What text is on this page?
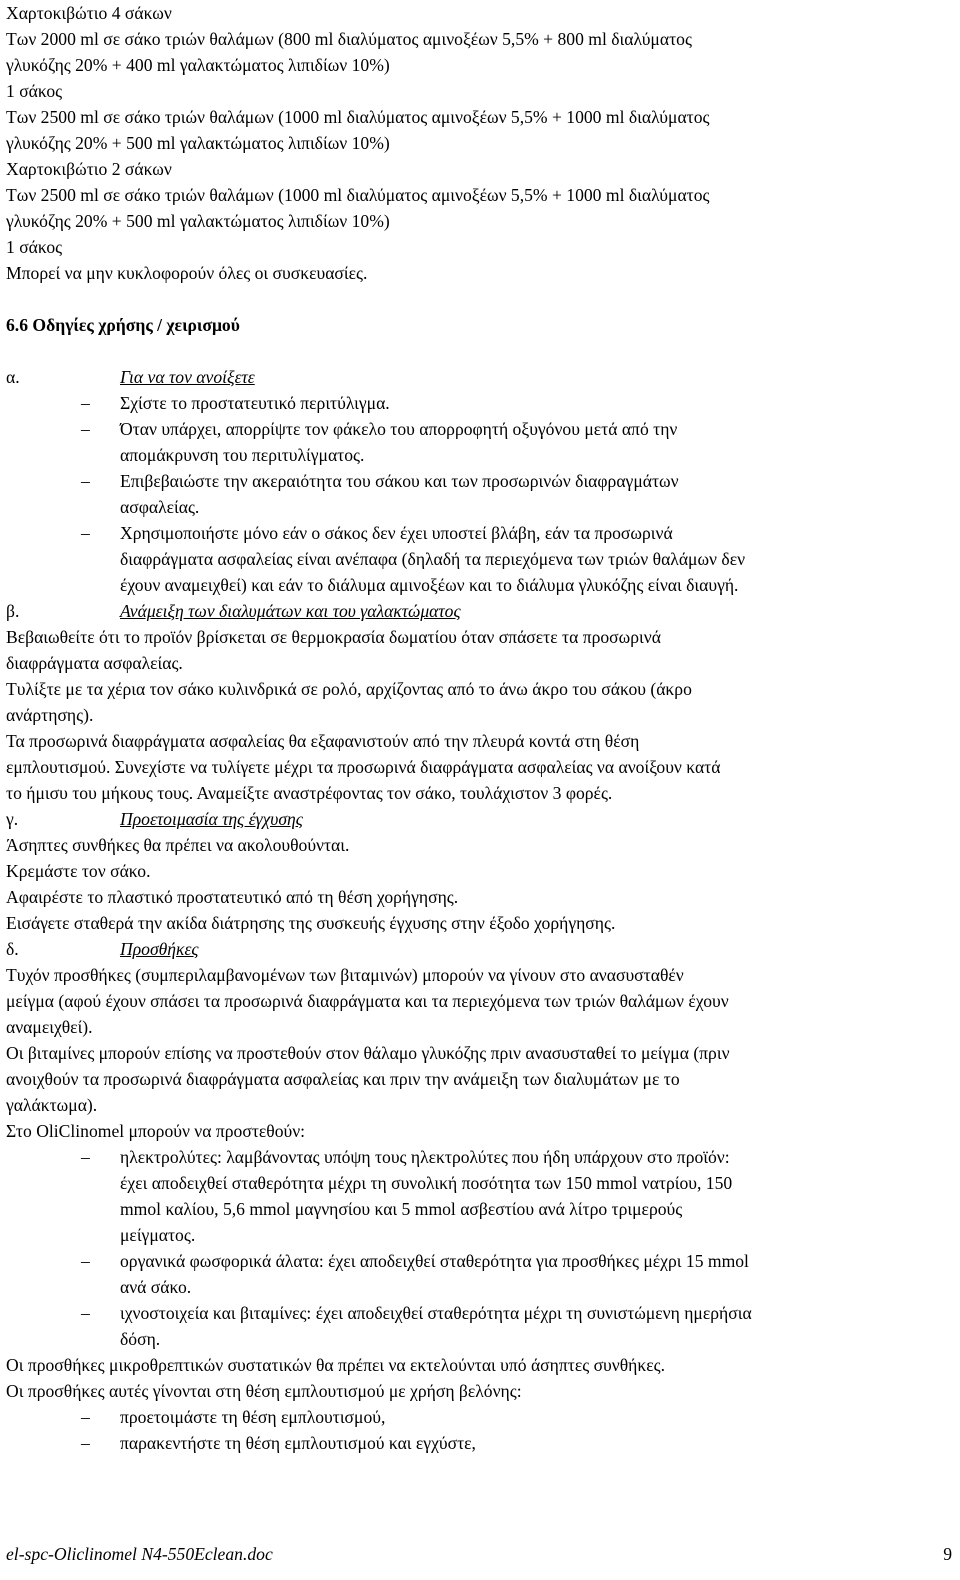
Χαρτοκιβώτιο 4 σάκων
Των 2000 ml σε σάκο τριών θαλάμων (800 ml διαλύματος αμινοξέων 5,5% + 800 ml διαλύματος
γλυκόζης 20% + 400 ml γαλακτώματος λιπιδίων 10%)
1 σάκος
Των 2500 ml σε σάκο τριών θαλάμων (1000 ml διαλύματος αμινοξέων 5,5% + 1000 ml διαλύματος
γλυκόζης 20% + 500 ml γαλακτώματος λιπιδίων 10%)
Χαρτοκιβώτιο 2 σάκων
Των 2500 ml σε σάκο τριών θαλάμων (1000 ml διαλύματος αμινοξέων 5,5% + 1000 ml διαλύματος
γλυκόζης 20% + 500 ml γαλακτώματος λιπιδίων 10%)
1 σάκος
Μπορεί να μην κυκλοφορούν όλες οι συσκευασίες.
6.6 Οδηγίες χρήσης / χειρισμού
α.	Για να τον ανοίξετε
– Σχίστε το προστατευτικό περιτύλιγμα.
– Όταν υπάρχει, απορρίψτε τον φάκελο του απορροφητή οξυγόνου μετά από την
απομάκρυνση του περιτυλίγματος.
– Επιβεβαιώστε την ακεραιότητα του σάκου και των προσωρινών διαφραγμάτων
ασφαλείας.
– Χρησιμοποιήστε μόνο εάν ο σάκος δεν έχει υποστεί βλάβη, εάν τα προσωρινά
διαφράγματα ασφαλείας είναι ανέπαφα (δηλαδή τα περιεχόμενα των τριών θαλάμων δεν
έχουν αναμειχθεί) και εάν το διάλυμα αμινοξέων και το διάλυμα γλυκόζης είναι διαυγή.
β.	Ανάμειξη των διαλυμάτων και του γαλακτώματος
Βεβαιωθείτε ότι το προϊόν βρίσκεται σε θερμοκρασία δωματίου όταν σπάσετε τα προσωρινά
διαφράγματα ασφαλείας.
Τυλίξτε με τα χέρια τον σάκο κυλινδρικά σε ρολό, αρχίζοντας από το άνω άκρο του σάκου (άκρο
ανάρτησης).
Τα προσωρινά διαφράγματα ασφαλείας θα εξαφανιστούν από την πλευρά κοντά στη θέση
εμπλουτισμού. Συνεχίστε να τυλίγετε μέχρι τα προσωρινά διαφράγματα ασφαλείας να ανοίξουν κατά
το ήμισυ του μήκους τους. Αναμείξτε αναστρέφοντας τον σάκο, τουλάχιστον 3 φορές.
γ.	Προετοιμασία της έγχυσης
Άσηπτες συνθήκες θα πρέπει να ακολουθούνται.
Κρεμάστε τον σάκο.
Αφαιρέστε το πλαστικό προστατευτικό από τη θέση χορήγησης.
Εισάγετε σταθερά την ακίδα διάτρησης της συσκευής έγχυσης στην έξοδο χορήγησης.
δ.	Προσθήκες
Τυχόν προσθήκες (συμπεριλαμβανομένων των βιταμινών) μπορούν να γίνουν στο ανασυσταθέν
μείγμα (αφού έχουν σπάσει τα προσωρινά διαφράγματα και τα περιεχόμενα των τριών θαλάμων έχουν
αναμειχθεί).
Οι βιταμίνες μπορούν επίσης να προστεθούν στον θάλαμο γλυκόζης πριν ανασυσταθεί το μείγμα (πριν
ανοιχθούν τα προσωρινά διαφράγματα ασφαλείας και πριν την ανάμειξη των διαλυμάτων με το
γαλάκτωμα).
Στο OliClinomel μπορούν να προστεθούν:
– ηλεκτρολύτες: λαμβάνοντας υπόψη τους ηλεκτρολύτες που ήδη υπάρχουν στο προϊόν:
έχει αποδειχθεί σταθερότητα μέχρι τη συνολική ποσότητα των 150 mmol νατρίου, 150
mmol καλίου, 5,6 mmol μαγνησίου και 5 mmol ασβεστίου ανά λίτρο τριμερούς
μείγματος.
– οργανικά φωσφορικά άλατα: έχει αποδειχθεί σταθερότητα για προσθήκες μέχρι 15 mmol
ανά σάκο.
– ιχνοστοιχεία και βιταμίνες: έχει αποδειχθεί σταθερότητα μέχρι τη συνιστώμενη ημερήσια
δόση.
Οι προσθήκες μικροθρεπτικών συστατικών θα πρέπει να εκτελούνται υπό άσηπτες συνθήκες.
Οι προσθήκες αυτές γίνονται στη θέση εμπλουτισμού με χρήση βελόνης:
– προετοιμάστε τη θέση εμπλουτισμού,
– παρακεντήστε τη θέση εμπλουτισμού και εγχύστε,
el-spc-Oliclinomel N4-550Eclean.doc	9
